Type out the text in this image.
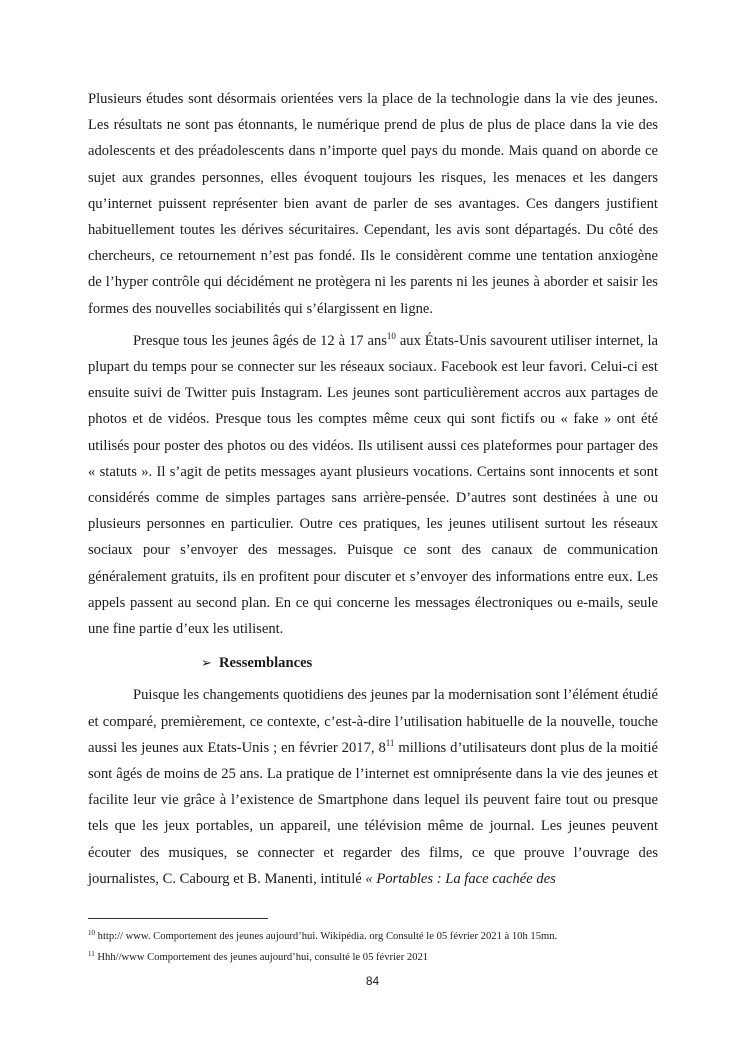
Plusieurs études sont désormais orientées vers la place de la technologie dans la vie des jeunes. Les résultats ne sont pas étonnants, le numérique prend de plus de plus de place dans la vie des adolescents et des préadolescents dans n’importe quel pays du monde. Mais quand on aborde ce sujet aux grandes personnes, elles évoquent toujours les risques, les menaces et les dangers qu’internet puissent représenter bien avant de parler de ses avantages. Ces dangers justifient habituellement toutes les dérives sécuritaires. Cependant, les avis sont départagés. Du côté des chercheurs, ce retournement n’est pas fondé. Ils le considèrent comme une tentation anxiogène de l’hyper contrôle qui décidément ne protègera ni les parents ni les jeunes à aborder et saisir les formes des nouvelles sociabilités qui s’élargissent en ligne.

Presque tous les jeunes âgés de 12 à 17 ans$^{10}$ aux États-Unis savourent utiliser internet, la plupart du temps pour se connecter sur les réseaux sociaux. Facebook est leur favori. Celui-ci est ensuite suivi de Twitter puis Instagram. Les jeunes sont particulièrement accros aux partages de photos et de vidéos. Presque tous les comptes même ceux qui sont fictifs ou « fake » ont été utilisés pour poster des photos ou des vidéos. Ils utilisent aussi ces plateformes pour partager des « statuts ». Il s’agit de petits messages ayant plusieurs vocations. Certains sont innocents et sont considérés comme de simples partages sans arrière-pensée. D’autres sont destinées à une ou plusieurs personnes en particulier. Outre ces pratiques, les jeunes utilisent surtout les réseaux sociaux pour s’envoyer des messages. Puisque ce sont des canaux de communication généralement gratuits, ils en profitent pour discuter et s’envoyer des informations entre eux. Les appels passent au second plan. En ce qui concerne les messages électroniques ou e-mails, seule une fine partie d’eux les utilisent.

➢ Ressemblances

Puisque les changements quotidiens des jeunes par la modernisation sont l’élément étudié et comparé, premièrement, ce contexte, c’est-à-dire l’utilisation habituelle de la nouvelle, touche aussi les jeunes aux Etats-Unis ; en février 2017, $8^{11}$ millions d’utilisateurs dont plus de la moitié sont âgés de moins de 25 ans. La pratique de l’internet est omniprésente dans la vie des jeunes et facilite leur vie grâce à l’existence de Smartphone dans lequel ils peuvent faire tout ou presque tels que les jeux portables, un appareil, une télévision même de journal. Les jeunes peuvent écouter des musiques, se connecter et regarder des films, ce que prouve l’ouvrage des journalistes, C. Cabourg et B. Manenti, intitulé « Portables : La face cachée des

$^{10}$ http:// www. Comportement des jeunes aujourd’hui. Wikipédia. org Consulté le 05 février 2021 à 10h 15mn.
$^{11}$ Hhh//www Comportement des jeunes aujourd’hui, consulté le 05 février 2021
84
